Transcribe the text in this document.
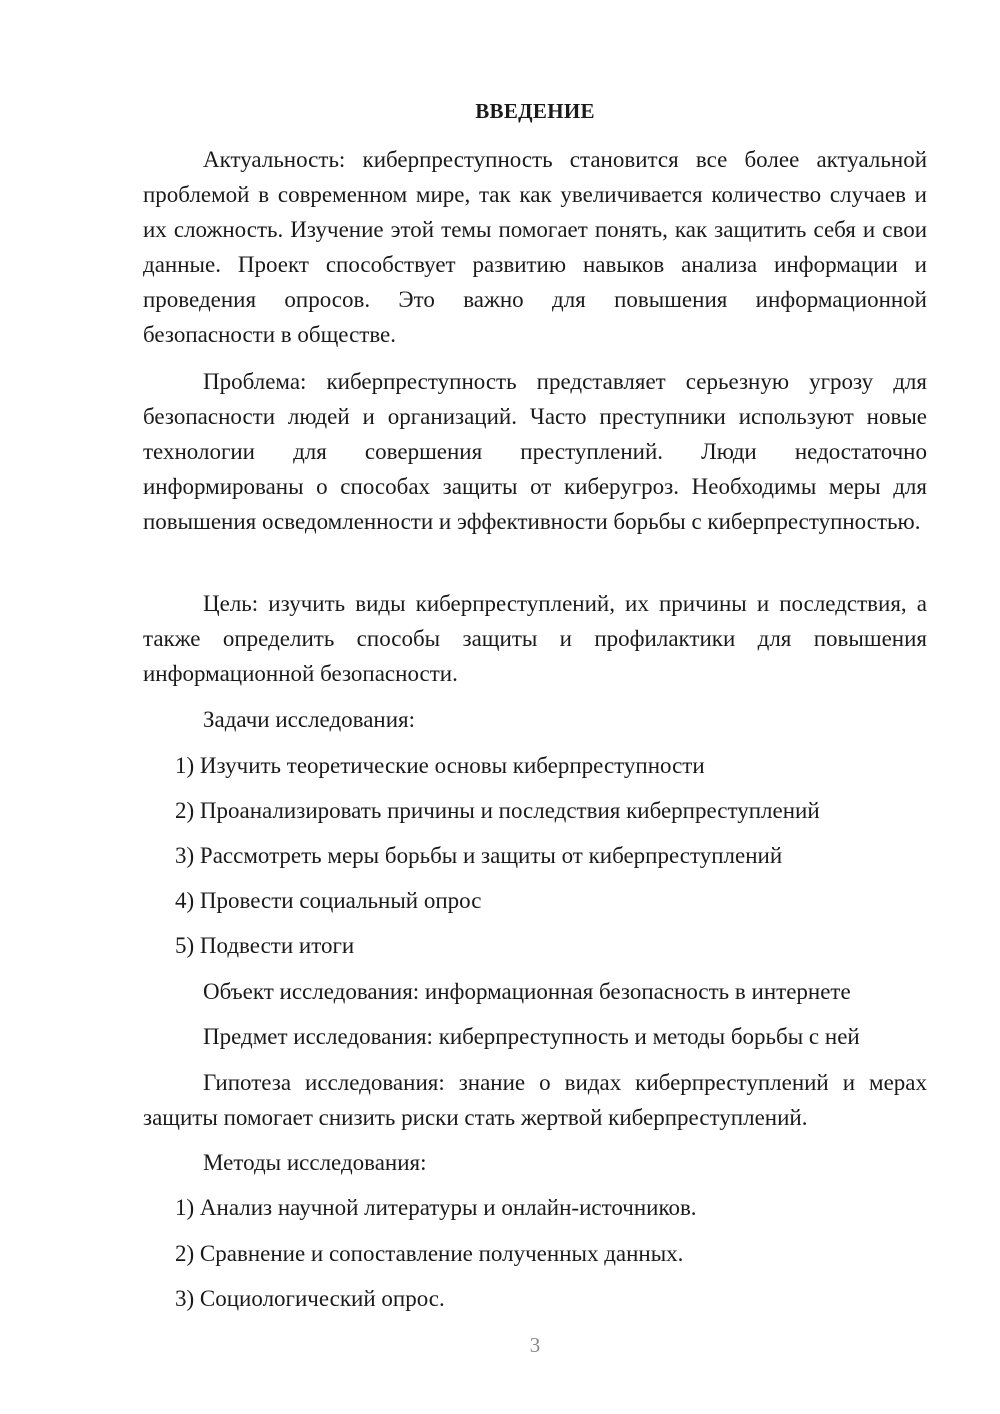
ВВЕДЕНИЕ

Актуальность: киберпреступность становится все более актуальной проблемой в современном мире, так как увеличивается количество случаев и их сложность. Изучение этой темы помогает понять, как защитить себя и свои данные. Проект способствует развитию навыков анализа информации и проведения опросов. Это важно для повышения информационной безопасности в обществе.

Проблема: киберпреступность представляет серьезную угрозу для безопасности людей и организаций. Часто преступники используют новые технологии для совершения преступлений. Люди недостаточно информированы о способах защиты от киберугроз. Необходимы меры для повышения осведомленности и эффективности борьбы с киберпреступностью.

Цель: изучить виды киберпреступлений, их причины и последствия, а также определить способы защиты и профилактики для повышения информационной безопасности.

Задачи исследования:

1) Изучить теоретические основы киберпреступности

2) Проанализировать причины и последствия киберпреступлений

3) Рассмотреть меры борьбы и защиты от киберпреступлений

4) Провести социальный опрос

5) Подвести итоги

Объект исследования: информационная безопасность в интернете

Предмет исследования: киберпреступность и методы борьбы с ней

Гипотеза исследования: знание о видах киберпреступлений и мерах защиты помогает снизить риски стать жертвой киберпреступлений.

Методы исследования:

1) Анализ научной литературы и онлайн-источников.

2) Сравнение и сопоставление полученных данных.

3) Социологический опрос.

3
